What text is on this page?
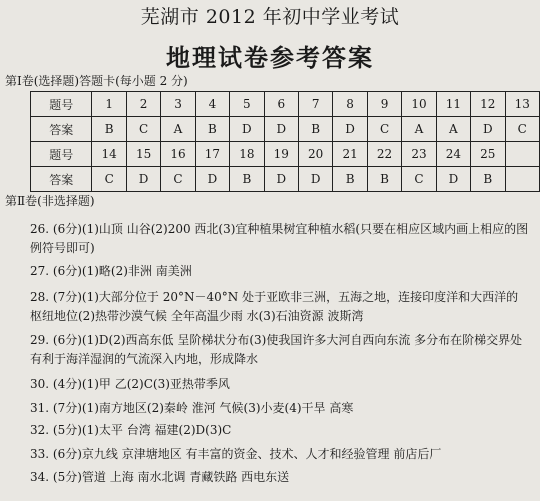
芜湖市 2012 年初中学业考试
地理试卷参考答案
第Ⅰ卷(选择题)答题卡(每小题 2 分)
题号	1	2	3	4	5	6	7	8	9	10	11	12	13
答案	B	C	A	B	D	D	B	D	C	A	A	D	C
题号	14	15	16	17	18	19	20	21	22	23	24	25	
答案	C	D	C	D	B	D	D	B	B	C	D	B	
第Ⅱ卷(非选择题)
26. (6分)(1)山顶 山谷(2)200 西北(3)宜种植果树宜种植水稻(只要在相应区域内画上相应的图例符号即可)
27. (6分)(1)略(2)非洲 南美洲
28. (7分)(1)大部分位于 20°N－40°N 处于亚欧非三洲，五海之地，连接印度洋和大西洋的枢纽地位(2)热带沙漠气候 全年高温少雨 水(3)石油资源 波斯湾
29. (6分)(1)D(2)西高东低 呈阶梯状分布(3)使我国许多大河自西向东流 多分布在阶梯交界处 有利于海洋湿润的气流深入内地，形成降水
30. (4分)(1)甲 乙(2)C(3)亚热带季风
31. (7分)(1)南方地区(2)秦岭 淮河 气候(3)小麦(4)干旱 高寒
32. (5分)(1)太平 台湾 福建(2)D(3)C
33. (6分)京九线 京津塘地区 有丰富的资金、技术、人才和经验管理 前店后厂
34. (5分)管道 上海 南水北调 青藏铁路 西电东送
